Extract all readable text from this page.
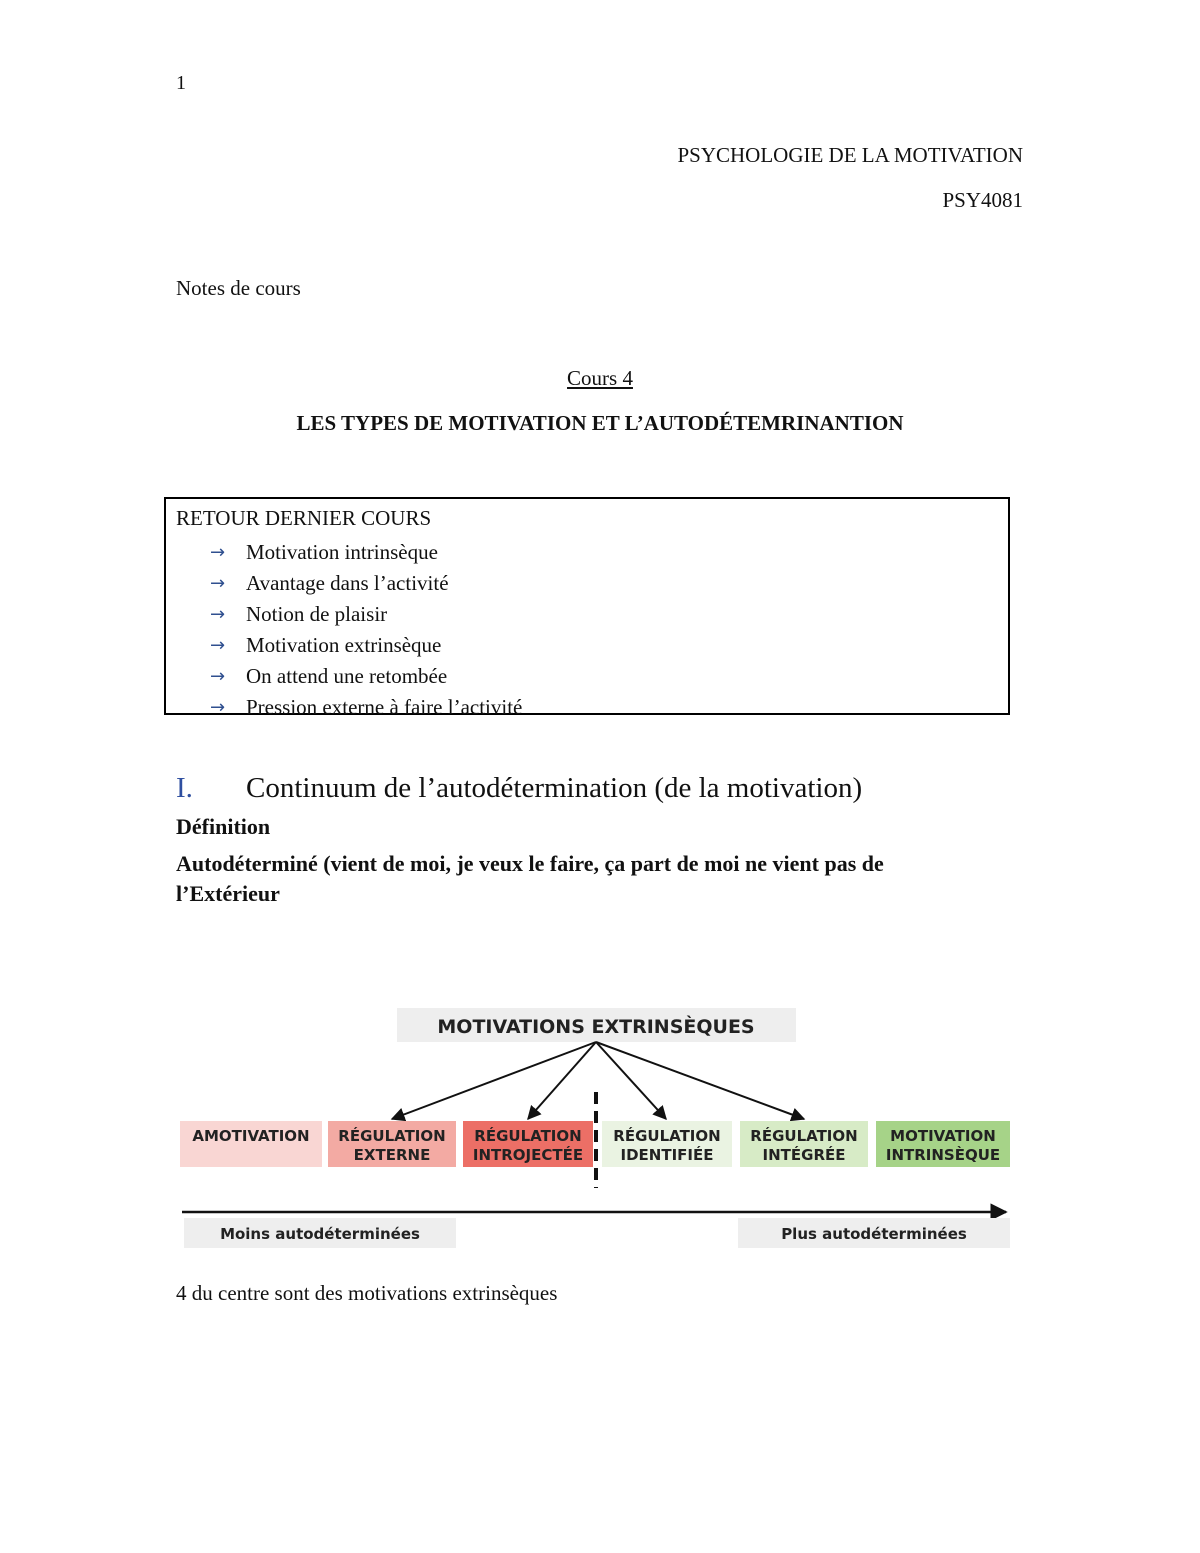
1
PSYCHOLOGIE DE LA MOTIVATION
PSY4081
Notes de cours
Cours 4
LES TYPES DE MOTIVATION ET L’AUTODÉTEMRINANTION
RETOUR DERNIER COURS
→ Motivation intrinsèque
→ Avantage dans l’activité
→ Notion de plaisir
→ Motivation extrinsèque
→ On attend une retombée
→ Pression externe à faire l’activité
I. Continuum de l’autodétermination (de la motivation)
Définition
Autodéterminé (vient de moi, je veux le faire, ça part de moi ne vient pas de l’Extérieur
MOTIVATIONS EXTRINSÈQUES
AMOTIVATION RÉGULATION
EXTERNE
RÉGULATION
INTROJECTÉE
RÉGULATION
IDENTIFIÉE
RÉGULATION
INTÉGRÉE
MOTIVATION
INTRINSÈQUE
Moins autodéterminées	Plus autodéterminées
4 du centre sont des motivations extrinsèques
